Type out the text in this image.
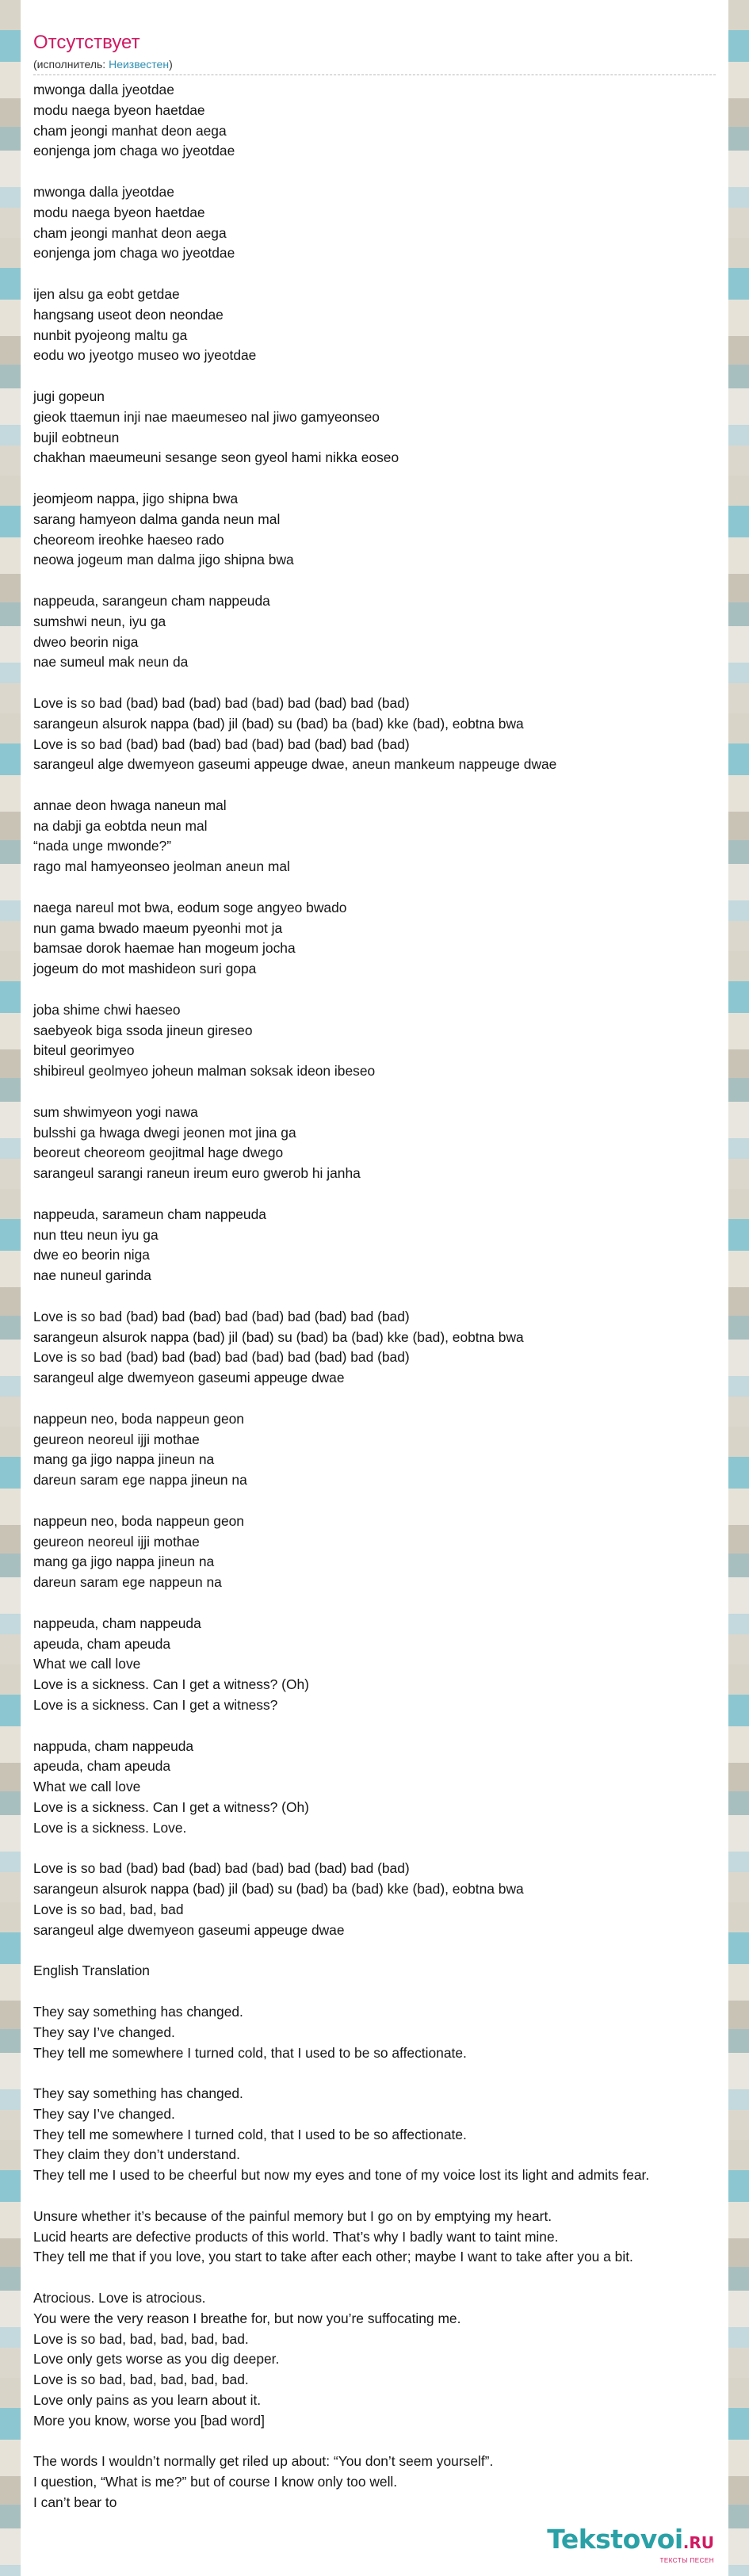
Отсутствует
(исполнитель: Неизвестен)
mwonga dalla jyeotdae
modu naega byeon haetdae
cham jeongi manhat deon aega
eonjenga jom chaga wo jyeotdae

mwonga dalla jyeotdae
modu naega byeon haetdae
cham jeongi manhat deon aega
eonjenga jom chaga wo jyeotdae

ijen alsu ga eobt getdae
hangsang useot deon neondae
nunbit pyojeong maltu ga
eodu wo jyeotgo museo wo jyeotdae

jugi gopeun
gieok ttaemun inji nae maeumeseo nal jiwo gamyeonseo
bujil eobtneun
chakhan maeumeuni sesange seon gyeol hami nikka eoseo

jeomjeom nappa, jigo shipna bwa
sarang hamyeon dalma ganda neun mal
cheoreom ireohke haeseo rado
neowa jogeum man dalma jigo shipna bwa

nappeuda, sarangeun cham nappeuda
sumshwi neun, iyu ga
dweo beorin niga
nae sumeul mak neun da

Love is so bad (bad) bad (bad) bad (bad) bad (bad) bad (bad)
sarangeun alsurok nappa (bad) jil (bad) su (bad) ba (bad) kke (bad), eobtna bwa
Love is so bad (bad) bad (bad) bad (bad) bad (bad) bad (bad)
sarangeul alge dwemyeon gaseumi appeuge dwae, aneun mankeum nappeuge dwae

annae deon hwaga naneun mal
na dabji ga eobtda neun mal
“nada unge mwonde?”
rago mal hamyeonseo jeolman aneun mal

naega nareul mot bwa, eodum soge angyeo bwado
nun gama bwado maeum pyeonhi mot ja
bamsae dorok haemae han mogeum jocha
jogeum do mot mashideon suri gopa

joba shime chwi haeseo
saebyeok biga ssoda jineun gireseo
biteul georimyeo
shibireul geolmyeo joheun malman soksak ideon ibeseo

sum shwimyeon yogi nawa
bulsshi ga hwaga dwegi jeonen mot jina ga
beoreut cheoreom geojitmal hage dwego
sarangeul sarangi raneun ireum euro gwerob hi janha

nappeuda, sarameun cham nappeuda
nun tteu neun iyu ga
dwe eo beorin niga
nae nuneul garinda

Love is so bad (bad) bad (bad) bad (bad) bad (bad) bad (bad)
sarangeun alsurok nappa (bad) jil (bad) su (bad) ba (bad) kke (bad), eobtna bwa
Love is so bad (bad) bad (bad) bad (bad) bad (bad) bad (bad)
sarangeul alge dwemyeon gaseumi appeuge dwae

nappeun neo, boda nappeun geon
geureon neoreul ijji mothae
mang ga jigo nappa jineun na
dareun saram ege nappa jineun na

nappeun neo, boda nappeun geon
geureon neoreul ijji mothae
mang ga jigo nappa jineun na
dareun saram ege nappeun na

nappeuda, cham nappeuda
apeuda, cham apeuda
What we call love
Love is a sickness. Can I get a witness? (Oh)
Love is a sickness. Can I get a witness?

nappuda, cham nappeuda
apeuda, cham apeuda
What we call love
Love is a sickness. Can I get a witness? (Oh)
Love is a sickness. Love.

Love is so bad (bad) bad (bad) bad (bad) bad (bad) bad (bad)
sarangeun alsurok nappa (bad) jil (bad) su (bad) ba (bad) kke (bad), eobtna bwa
Love is so bad, bad, bad
sarangeul alge dwemyeon gaseumi appeuge dwae

English Translation

They say something has changed.
They say I’ve changed.
They tell me somewhere I turned cold, that I used to be so affectionate.

They say something has changed.
They say I’ve changed.
They tell me somewhere I turned cold, that I used to be so affectionate.
They claim they don’t understand.
They tell me I used to be cheerful but now my eyes and tone of my voice lost its light and admits fear.

Unsure whether it’s because of the painful memory but I go on by emptying my heart.
Lucid hearts are defective products of this world. That’s why I badly want to taint mine.
They tell me that if you love, you start to take after each other; maybe I want to take after you a bit.

Atrocious. Love is atrocious.
You were the very reason I breathe for, but now you’re suffocating me.
Love is so bad, bad, bad, bad, bad.
Love only gets worse as you dig deeper.
Love is so bad, bad, bad, bad, bad.
Love only pains as you learn about it.
More you know, worse you [bad word]

The words I wouldn’t normally get riled up about: “You don’t seem yourself”.
I question, “What is me?” but of course I know only too well.
I can’t bear to

Tekstovoi.RU
ТЕКСТЫ ПЕСЕН
